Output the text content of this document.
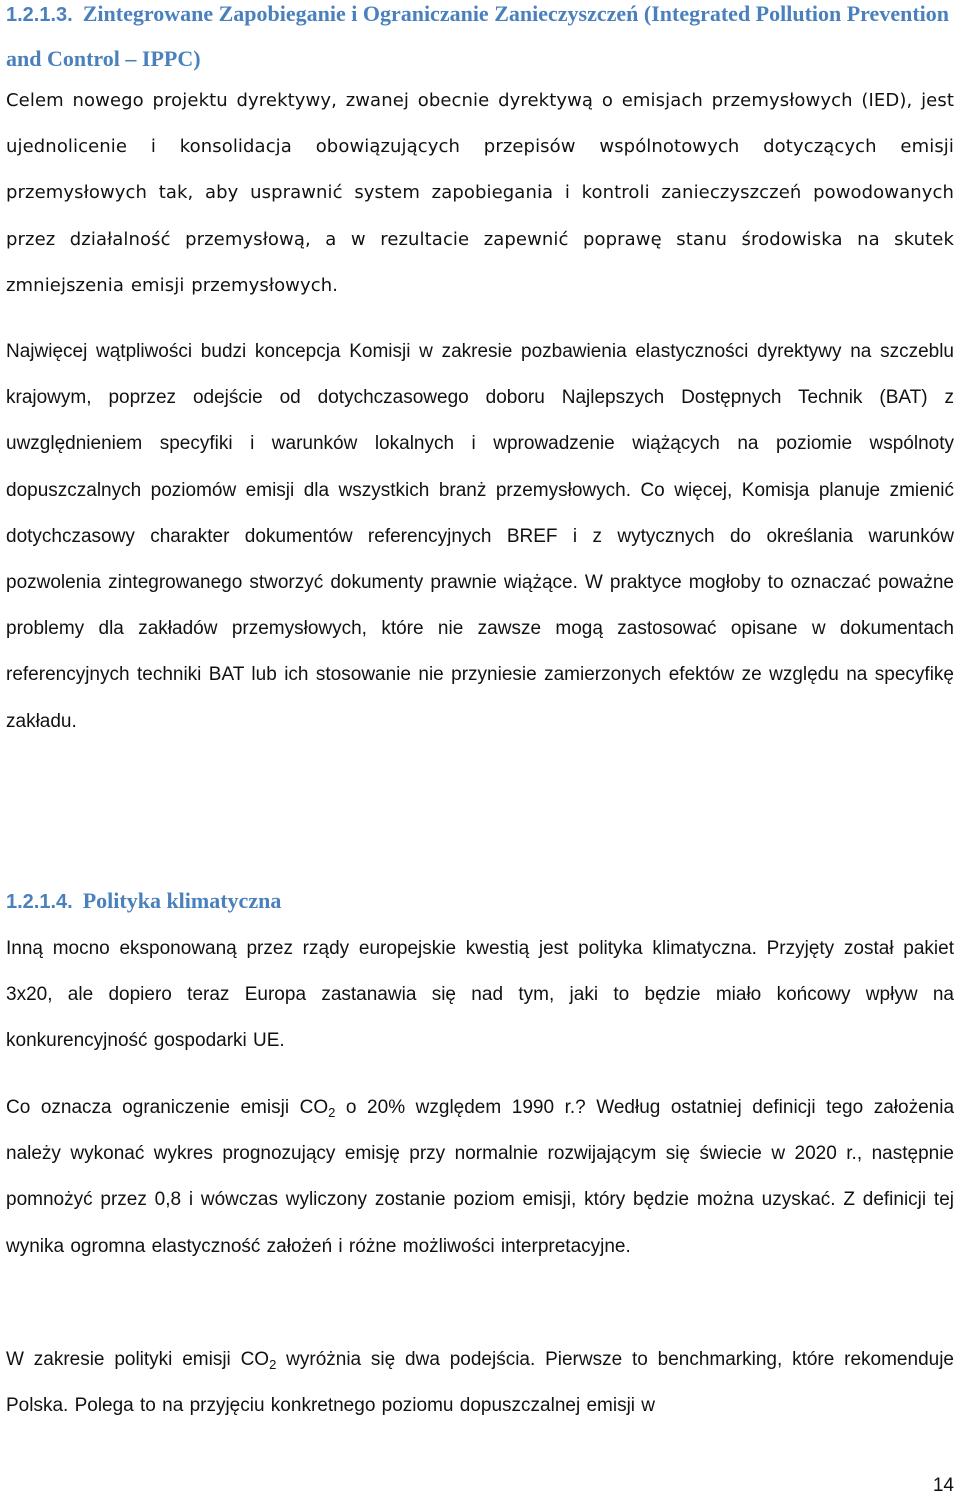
1.2.1.3. Zintegrowane Zapobieganie i Ograniczanie Zanieczyszczeń (Integrated Pollution Prevention and Control – IPPC)

Celem nowego projektu dyrektywy, zwanej obecnie dyrektywą o emisjach przemysłowych (IED), jest ujednolicenie i konsolidacja obowiązujących przepisów wspólnotowych dotyczących emisji przemysłowych tak, aby usprawnić system zapobiegania i kontroli zanieczyszczeń powodowanych przez działalność przemysłową, a w rezultacie zapewnić poprawę stanu środowiska na skutek zmniejszenia emisji przemysłowych.

Najwięcej wątpliwości budzi koncepcja Komisji w zakresie pozbawienia elastyczności dyrektywy na szczeblu krajowym, poprzez odejście od dotychczasowego doboru Najlepszych Dostępnych Technik (BAT) z uwzględnieniem specyfiki i warunków lokalnych i wprowadzenie wiążących na poziomie wspólnoty dopuszczalnych poziomów emisji dla wszystkich branż przemysłowych. Co więcej, Komisja planuje zmienić dotychczasowy charakter dokumentów referencyjnych BREF i z wytycznych do określania warunków pozwolenia zintegrowanego stworzyć dokumenty prawnie wiążące. W praktyce mogłoby to oznaczać poważne problemy dla zakładów przemysłowych, które nie zawsze mogą zastosować opisane w dokumentach referencyjnych techniki BAT lub ich stosowanie nie przyniesie zamierzonych efektów ze względu na specyfikę zakładu.

1.2.1.4. Polityka klimatyczna

Inną mocno eksponowaną przez rządy europejskie kwestią jest polityka klimatyczna. Przyjęty został pakiet 3x20, ale dopiero teraz Europa zastanawia się nad tym, jaki to będzie miało końcowy wpływ na konkurencyjność gospodarki UE.

Co oznacza ograniczenie emisji $CO_2$ o 20% względem 1990 r.? Według ostatniej definicji tego założenia należy wykonać wykres prognozujący emisję przy normalnie rozwijającym się świecie w 2020 r., następnie pomnożyć przez 0,8 i wówczas wyliczony zostanie poziom emisji, który będzie można uzyskać. Z definicji tej wynika ogromna elastyczność założeń i różne możliwości interpretacyjne.

W zakresie polityki emisji $CO_2$ wyróżnia się dwa podejścia. Pierwsze to benchmarking, które rekomenduje Polska. Polega to na przyjęciu konkretnego poziomu dopuszczalnej emisji w

14
